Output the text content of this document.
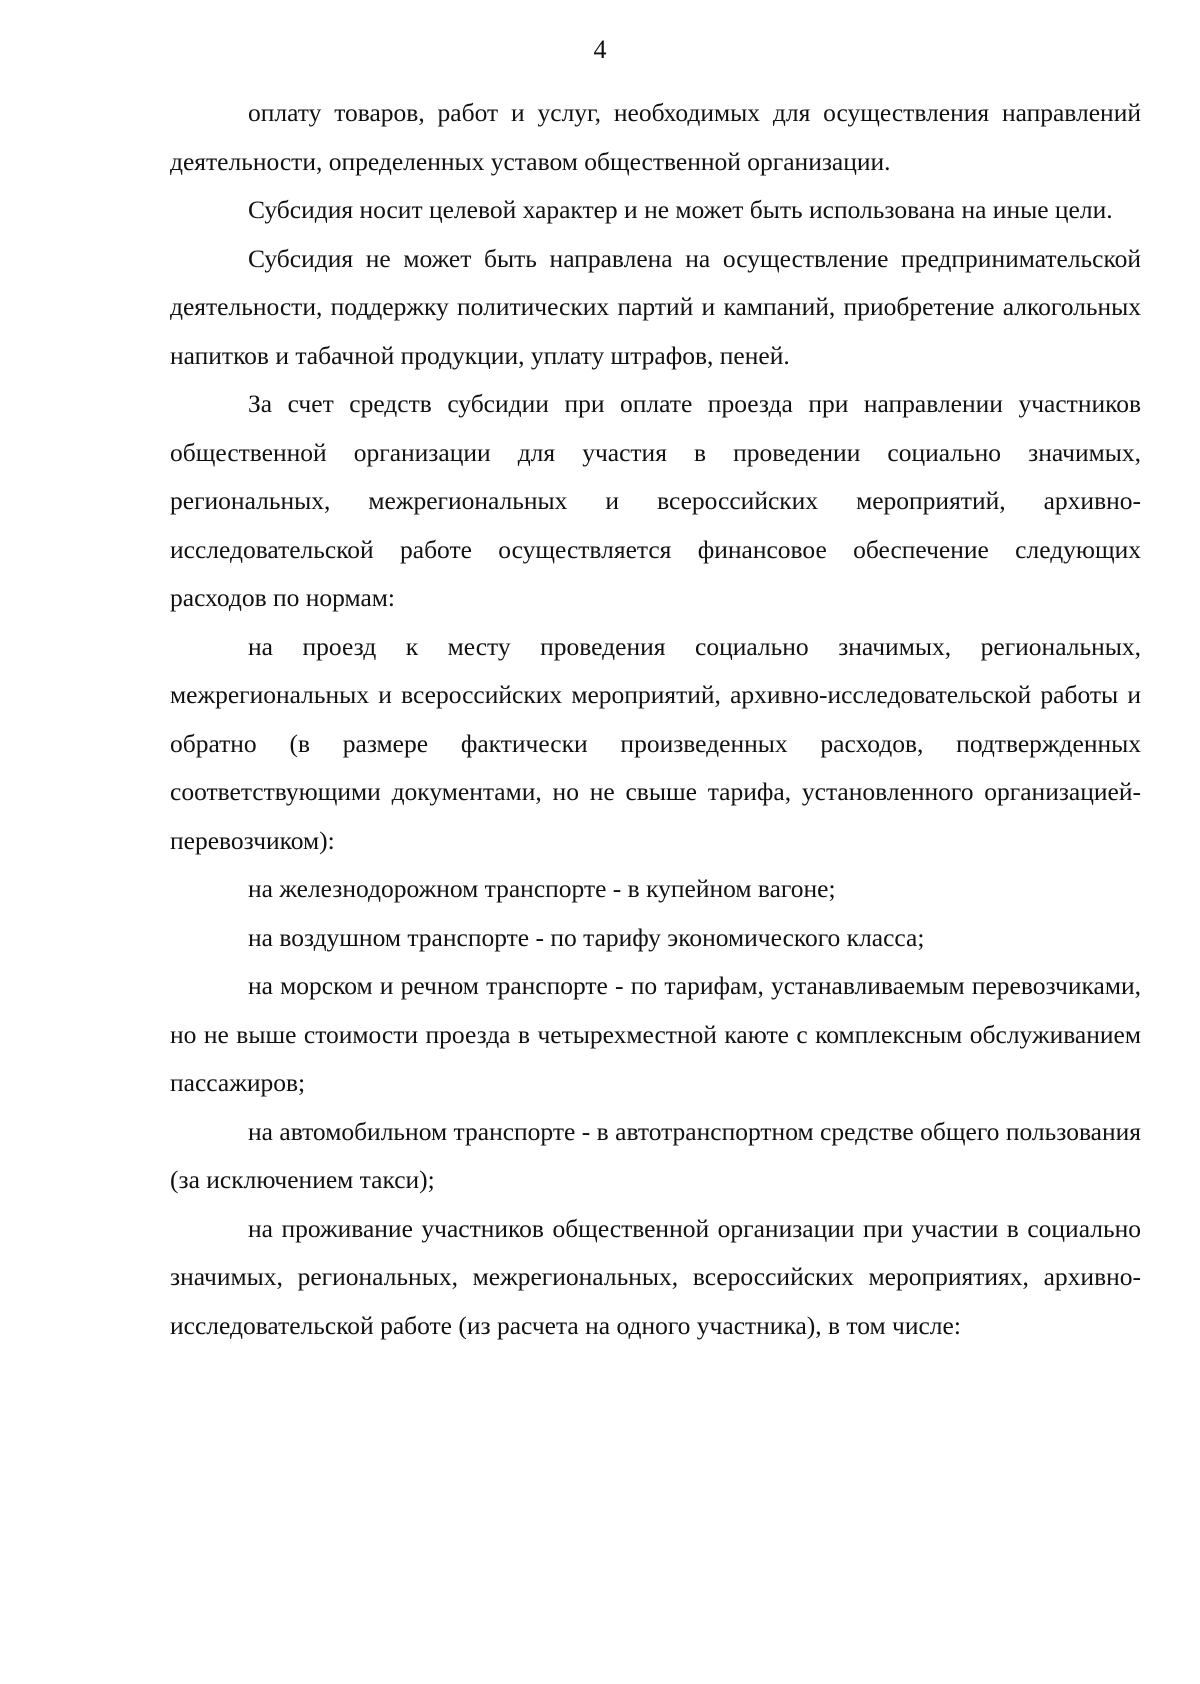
4

оплату товаров, работ и услуг, необходимых для осуществления направлений деятельности, определенных уставом общественной организации.

Субсидия носит целевой характер и не может быть использована на иные цели.

Субсидия не может быть направлена на осуществление предпринимательской деятельности, поддержку политических партий и кампаний, приобретение алкогольных напитков и табачной продукции, уплату штрафов, пеней.

За счет средств субсидии при оплате проезда при направлении участников общественной организации для участия в проведении социально значимых, региональных, межрегиональных и всероссийских мероприятий, архивно-исследовательской работе осуществляется финансовое обеспечение следующих расходов по нормам:

на проезд к месту проведения социально значимых, региональных, межрегиональных и всероссийских мероприятий, архивно-исследовательской работы и обратно (в размере фактически произведенных расходов, подтвержденных соответствующими документами, но не свыше тарифа, установленного организацией-перевозчиком):

на железнодорожном транспорте - в купейном вагоне;

на воздушном транспорте - по тарифу экономического класса;

на морском и речном транспорте - по тарифам, устанавливаемым перевозчиками, но не выше стоимости проезда в четырехместной каюте с комплексным обслуживанием пассажиров;

на автомобильном транспорте - в автотранспортном средстве общего пользования (за исключением такси);

на проживание участников общественной организации при участии в социально значимых, региональных, межрегиональных, всероссийских мероприятиях, архивно-исследовательской работе (из расчета на одного участника), в том числе:
